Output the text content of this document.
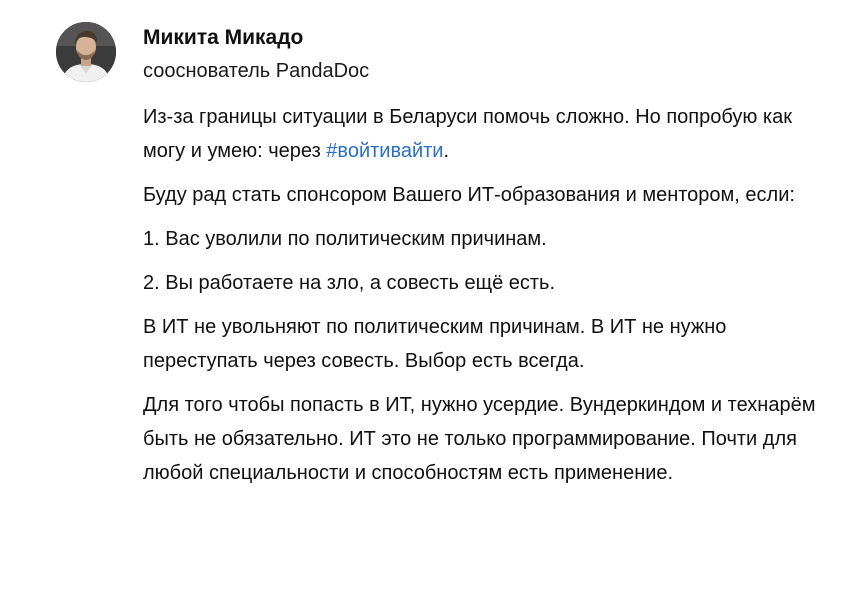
Микита Микадо
сооснователь PandaDoc

Из-за границы ситуации в Беларуси помочь сложно. Но попробую как могу и умею: через #войтивайти.

Буду рад стать спонсором Вашего ИТ-образования и ментором, если:

1. Вас уволили по политическим причинам.

2. Вы работаете на зло, а совесть ещё есть.

В ИТ не увольняют по политическим причинам. В ИТ не нужно переступать через совесть. Выбор есть всегда.

Для того чтобы попасть в ИТ, нужно усердие. Вундеркиндом и технарём быть не обязательно. ИТ это не только программирование. Почти для любой специальности и способностям есть применение.
